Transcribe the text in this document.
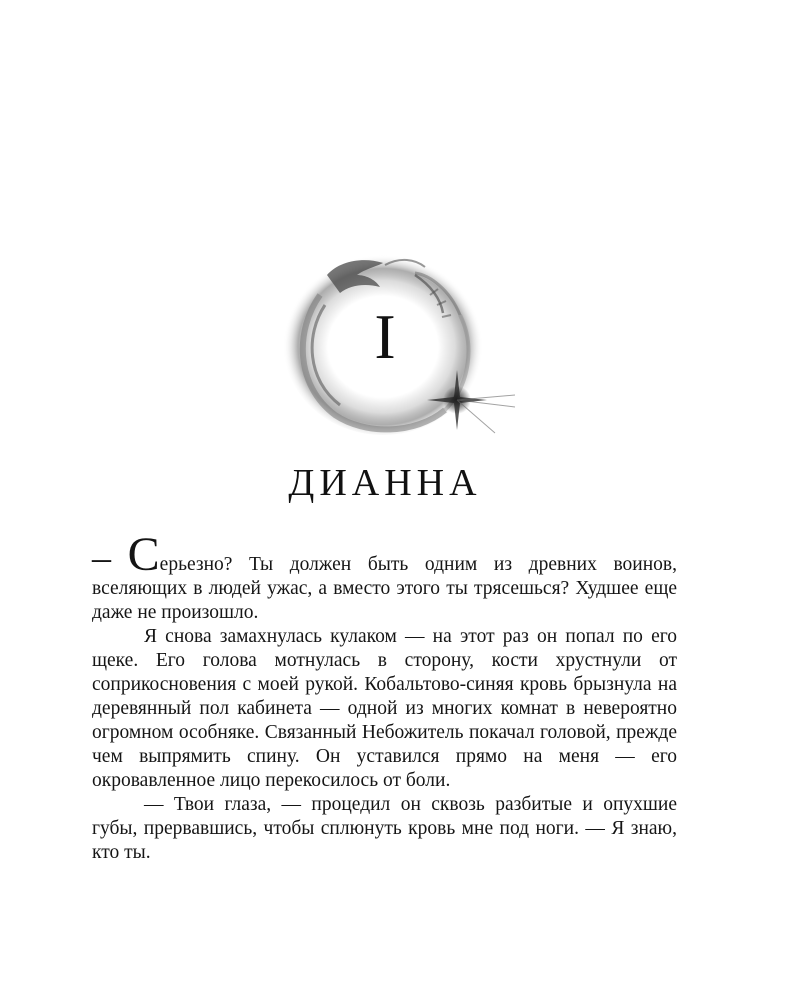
I
ДИАННА

– Серьезно? Ты должен быть одним из древних воинов, вселяющих в людей ужас, а вместо этого ты трясешься? Худшее еще даже не произошло.

Я снова замахнулась кулаком — на этот раз он попал по его щеке. Его голова мотнулась в сторону, кости хрустнули от соприкосновения с моей рукой. Кобальтово-синяя кровь брызнула на деревянный пол кабинета — одной из многих комнат в невероятно огромном особняке. Связанный Небожитель покачал головой, прежде чем выпрямить спину. Он уставился прямо на меня — его окровавленное лицо перекосилось от боли.

— Твои глаза, — процедил он сквозь разбитые и опухшие губы, прервавшись, чтобы сплюнуть кровь мне под ноги. — Я знаю, кто ты.
